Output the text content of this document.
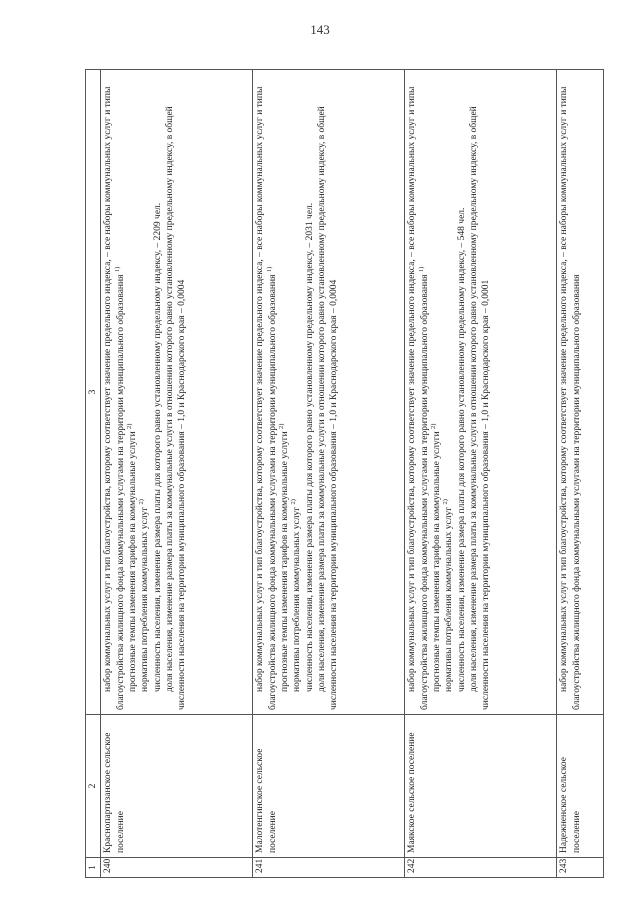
143
1	2	3
240	Краснопартизанское сельское поселение	набор коммунальных услуг и тип благоустройства, которому соответствует значение предельного индекса, – все наборы коммунальных услуг и типы благоустройства жилищного фонда коммунальными услугами на территории муниципального образования $^{1)}$

прогнозные темпы изменения тарифов на коммунальные услуги $^{2)}$

нормативы потребления коммунальных услуг $^{2)}$ численность населения, изменение размера платы для которого равно установленному предельному индексу, – 2209 чел. доля населения, изменение размера платы за коммунальные услуги в отношении которого равно установленному предельному индексу, в общей численности населения на территории муниципального образования – 1,0 и Краснодарского края – 0,0004

241	Малотенгинское сельское поселение	набор коммунальных услуг и тип благоустройства, которому соответствует значение предельного индекса, – все наборы коммунальных услуг и типы благоустройства жилищного фонда коммунальными услугами на территории муниципального образования $^{1)}$

прогнозные темпы изменения тарифов на коммунальные услуги $^{2)}$

нормативы потребления коммунальных услуг $^{2)}$ численность населения, изменение размера платы для которого равно установленному предельному индексу, – 2031 чел. доля населения, изменение размера платы за коммунальные услуги в отношении которого равно установленному предельному индексу, в общей численности населения на территории муниципального образования – 1,0 и Краснодарского края – 0,0004

242	Маякское сельское поселение	набор коммунальных услуг и тип благоустройства, которому соответствует значение предельного индекса, – все наборы коммунальных услуг и типы благоустройства жилищного фонда коммунальными услугами на территории муниципального образования $^{1)}$

прогнозные темпы изменения тарифов на коммунальные услуги $^{2)}$

нормативы потребления коммунальных услуг $^{2)}$ численность населения, изменение размера платы для которого равно установленному предельному индексу, – 548 чел. доля населения, изменение размера платы за коммунальные услуги в отношении которого равно установленному предельному индексу, в общей численности населения на территории муниципального образования – 1,0 и Краснодарского края – 0,0001

243	Надежненское сельское поселение	набор коммунальных услуг и тип благоустройства, которому соответствует значение предельного индекса, – все наборы коммунальных услуг и типы благоустройства жилищного фонда коммунальными услугами на территории муниципального образования
